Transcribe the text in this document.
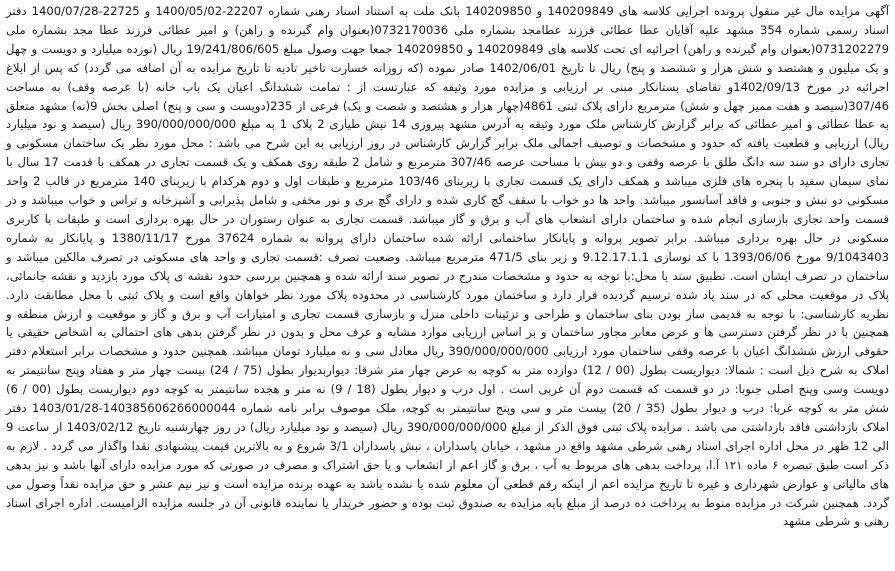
آگهی مزایده مال غیر منقول پرونده اجرایی کلاسه های 140209849 و 140209850 بانک ملت به استناد اسناد رهنی شماره 22207-1400/05/02 و 22725-1400/07/28 دفتر اسناد رسمی شماره 354 مشهد علیه آقایان عطا عطائی فرزند عطامجد بشماره ملی 0732170036(بعنوان وام گیرنده و راهن) و امیر عطائی فرزند عطا مجد بشماره ملی 0731202279(بعنوان وام گیرنده و راهن) اجرائیه ای تحت کلاسه های 140209849 و 140209850 جمعا جهت وصول مبلغ 19/241/806/605 ریال (نوزده میلیارد و دویست و چهل و یک میلیون و هشتصد و شش هزار و ششصد و پنج) ریال تا تاریخ 1402/06/01 صادر نموده (که روزانه خسارت تاخیر تادیه تا تاریخ مزایده به آن اضافه می گردد) که پس از ابلاغ اجرائیه در مورخ 1402/09/13و تقاضای بستانکار مبنی بر ارزیابی و مزایده مورد وثیقه که عبارتست از : تمامت ششدانگ اعیان یک باب خانه (با عرصه وقف) به مساحت 307/46(سیصد و هفت ممیز چهل و شش) مترمربع دارای پلاک ثبتی 4861(چهار هزار و هشتصد و شصت و یک) فرعی از 235(دویست و سی و پنج) اصلی بخش 9(نه) مشهد متعلق به عطا عطائی و امیر عطائی که برابر گزارش کارشناس ملک مورد وثیقه به آدرس مشهد پیروزی 14 نبش طیاری 2 پلاک 1 به مبلغ 390/000/000/000 ریال (سیصد و نود میلیارد ریال) ارزیابی و قطعیت یافته که حدود و مشخصات و توصیف اجمالی ملک برابر گزارش کارشناس در روز ارزیابی به این شرح می باشد : محل مورد نظر یک ساختمان مسکونی و تجاری دارای دو سند سه دانگ طلق با عرصه وقفی و دو بیش با مساحت عرصه 307/46 مترمربع و شامل 2 طبقه روی همکف و یک قسمت تجاری در همکف با قدمت 17 سال با نمای سیمان سفید با پنجره های فلزی میباشد و همکف دارای یک قسمت تجاری با زیربنای 103/46 مترمربع و طبقات اول و دوم هرکدام با زیربنای 140 مترمربع در قالب 2 واحد مسکونی دو نبش و جنوبی و فاقد آسانسور میباشد. واحد ها دو خواب با سقف گچ کاری شده و دارای گچ بری و نور مخفی و شامل پذیرایی و آشپزخانه و تراس و خواب میباشد و در قسمت واحد تجاری بازسازی انجام شده و ساختمان دارای انشعاب های آب و برق و گاز میباشد. قسمت تجاری به عنوان رستوران در حال بهره برداری است و طبقات با کاربری مسکونی در حال بهره برداری میباشد. برابر تصویر پروانه و پایانکار ساختمانی ارائه شده ساختمان دارای پروانه به شماره 37624 مورخ 1380/11/17 و پایانکار به شماره 9/1043403 مورخ 1393/06/06 با کد نوسازی 9.12.17.1.1 و زیر بنای 471/5 مترمربع میباشد. وضعیت تصرف :قسمت تجاری و واحد های مسکونی در تصرف مالکین میباشد و ساختمان در تصرف ایشان است. تطبیق سند با محل:با توجه به حدود و مشخصات مندرج در تصویر سند ارائه شده و همچنین بررسی حدود نقشه ی پلاک مورد بازدید و نقشه جانمائی، پلاک در موقعیت محلی که در سند یاد شده ترسیم گردیده قرار دارد و ساختمان مورد کارشناسی در محدوده پلاک مورد نظر خواهان واقع است و پلاک ثبتی با محل مطابقت دارد. نظریه کارشناسی: با توجه به قدیمی ساز بودن بنای ساختمان و طراحی و تزئینات داخلی منزل و بازسازی قسمت تجاری و امتیازات آب و برق و گاز و موقعیت و ارزش منطقه و همچنین با در نظر گرفتن دسترسی ها و عرض معابر مجاور ساختمان و بر اساس ارزیابی موارد مشابه و عرف محل و بدون در نظر گرفتن بدهی های احتمالی به اشخاص حقیقی یا حقوقی ارزش ششدانگ اعیان با عرصه وقفی ساختمان مورد ارزیابی 390/000/000/000 ریال معادل سی و نه میلیارد تومان میباشد. همچنین حدود و مشخصات برابر استعلام دفتر املاک به شرح ذیل است : شمالا: دیواریست بطول (00 / 12) دوازده متر به کوچه به عرض چهار متر شرقا: دیواربدیوار بطول (75 / 24) بیست چهار متر و هفتاد وپنج سانتیمتر به دویست وسی وپنج اصلی جنوبا: در دو قسمت که قسمت دوم آن غربی است . اول درب و دیوار بطول (18 / 9) نه متر و هجده سانتیمتر به کوچه دوم دیواریست بطول (00 / 6) شش متر به کوچه غربا: درب و دیوار بطول (35 / 20) بیست متر و سی وپنج سانتیمتر به کوچه، ملک موصوف برابر نامه شماره 140385606266000044-1403/01/28 دفتر املاک بازداشتی فاقد بازداشتی می باشد . مزایده پلاک ثبتی فوق الذکر از مبلغ 390/000/000/000 ریال (سیصد و نود میلیارد ریال) در روز چهارشنبه تاریخ 1403/02/12 از ساعت 9 الی 12 ظهر در محل اداره اجرای اسناد رهنی شرطی مشهد واقع در مشهد ، خیابان پاسداران ، نبش پاسداران 3/1 شروع و به بالاترین قیمت پیشنهادی نقدا واگذار می گردد . لازم به ذکر است طبق تبصره ۶ ماده ۱۲۱ آ.ا، پرداخت بدهی های مربوط به آب ، برق و گاز اعم از انشعاب و یا حق اشتراک و مصرف در صورتی که مورد مزایده دارای آنها باشد و نیز بدهی های مالیاتی و عوارض شهرداری و غیره تا تاریخ مزایده اعم از اینکه رقم قطعی آن معلوم شده یا نشده باشد به عهده برنده مزایده است و نیز نیم عشر و حق مزایده نقداً وصول می گردد. همچنین شرکت در مزایده منوط به پرداخت ده درصد از مبلغ پایه مزایده به صندوق ثبت بوده و حضور خریدار یا نماینده قانونی آن در جلسه مزایده الزامیست. اداره اجرای اسناد رهنی و شرطی مشهد
